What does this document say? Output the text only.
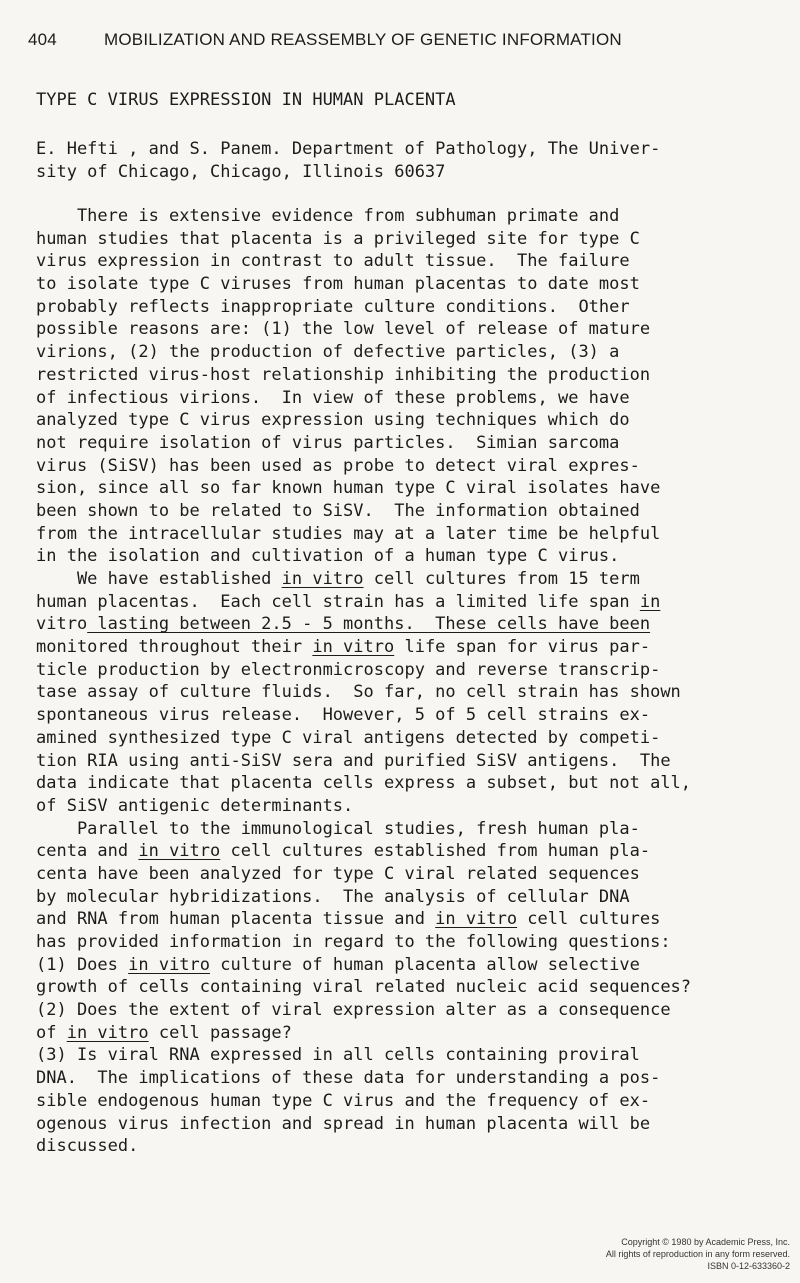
404	MOBILIZATION AND REASSEMBLY OF GENETIC INFORMATION
TYPE C VIRUS EXPRESSION IN HUMAN PLACENTA
E. Hefti , and S. Panem. Department of Pathology, The Univer-
sity of Chicago, Chicago, Illinois 60637
There is extensive evidence from subhuman primate and
human studies that placenta is a privileged site for type C
virus expression in contrast to adult tissue.  The failure
to isolate type C viruses from human placentas to date most
probably reflects inappropriate culture conditions.  Other
possible reasons are: (1) the low level of release of mature
virions, (2) the production of defective particles, (3) a
restricted virus-host relationship inhibiting the production
of infectious virions.  In view of these problems, we have
analyzed type C virus expression using techniques which do
not require isolation of virus particles.  Simian sarcoma
virus (SiSV) has been used as probe to detect viral expres-
sion, since all so far known human type C viral isolates have
been shown to be related to SiSV.  The information obtained
from the intracellular studies may at a later time be helpful
in the isolation and cultivation of a human type C virus.
We have established in vitro cell cultures from 15 term
human placentas.  Each cell strain has a limited life span in
vitro lasting between 2.5 - 5 months.  These cells have been
monitored throughout their in vitro life span for virus par-
ticle production by electronmicroscopy and reverse transcrip-
tase assay of culture fluids.  So far, no cell strain has shown
spontaneous virus release.  However, 5 of 5 cell strains ex-
amined synthesized type C viral antigens detected by competi-
tion RIA using anti-SiSV sera and purified SiSV antigens.  The
data indicate that placenta cells express a subset, but not all,
of SiSV antigenic determinants.
Parallel to the immunological studies, fresh human pla-
centa and in vitro cell cultures established from human pla-
centa have been analyzed for type C viral related sequences
by molecular hybridizations.  The analysis of cellular DNA
and RNA from human placenta tissue and in vitro cell cultures
has provided information in regard to the following questions:
(1) Does in vitro culture of human placenta allow selective
growth of cells containing viral related nucleic acid sequences?
(2) Does the extent of viral expression alter as a consequence
of in vitro cell passage?
(3) Is viral RNA expressed in all cells containing proviral
DNA.  The implications of these data for understanding a pos-
sible endogenous human type C virus and the frequency of ex-
ogenous virus infection and spread in human placenta will be
discussed.
Copyright © 1980 by Academic Press, Inc.
All rights of reproduction in any form reserved.
ISBN 0-12-633360-2
